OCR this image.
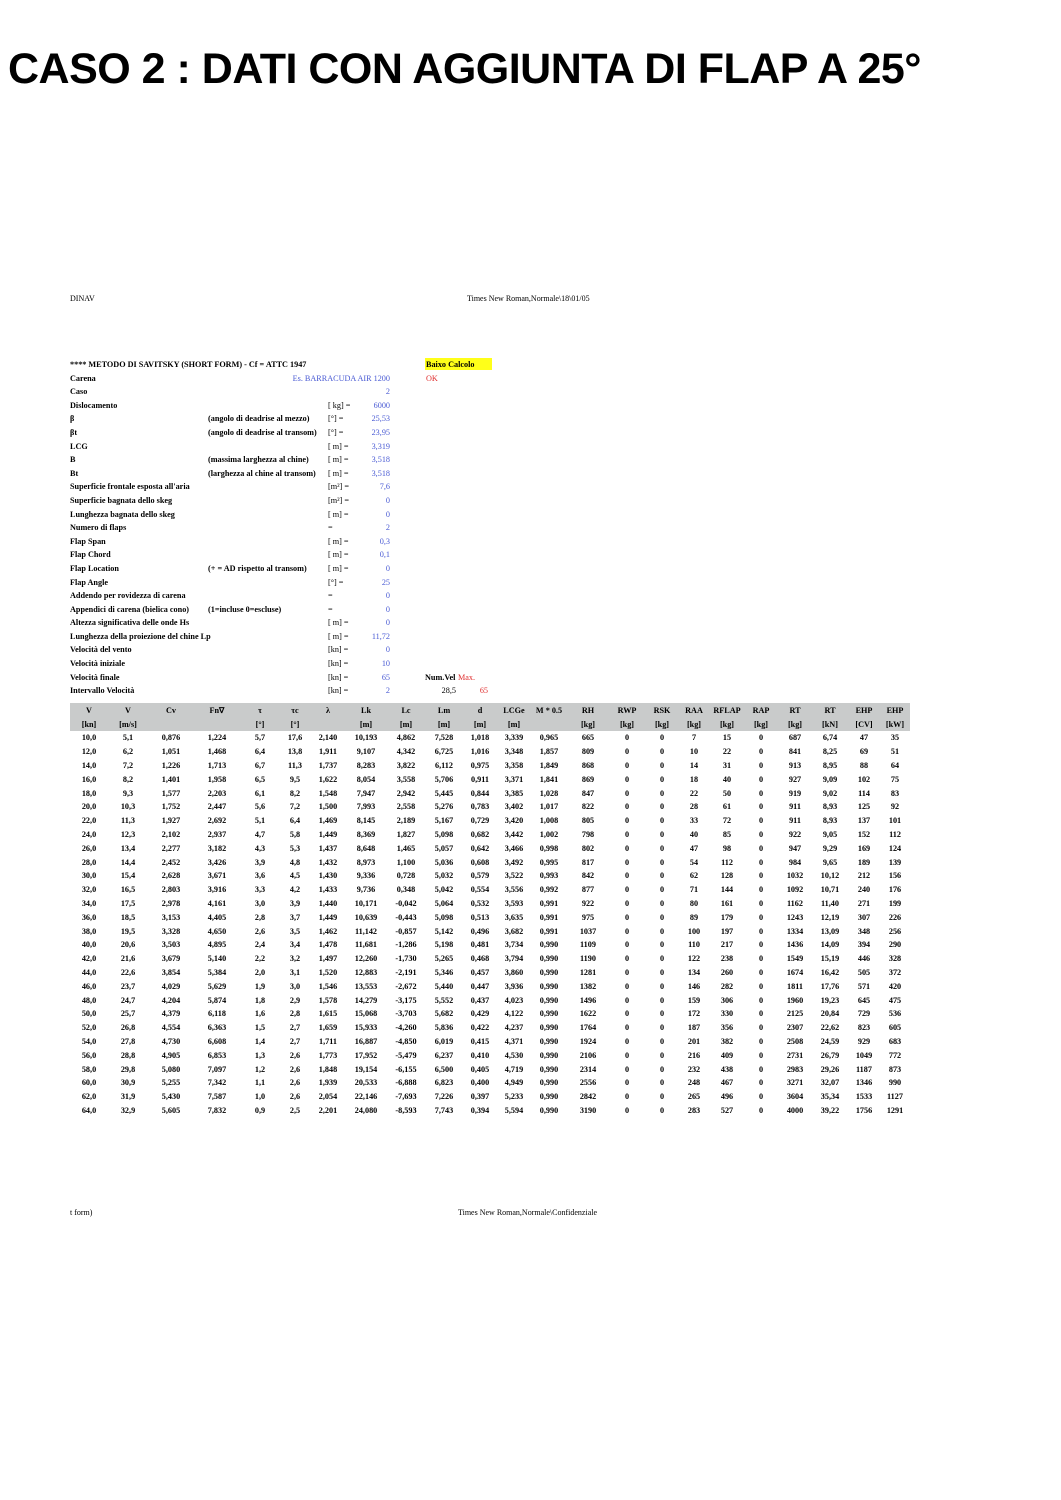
CASO 2 : DATI CON AGGIUNTA DI FLAP A 25°
DINAV	Times New Roman,Normale\18\01/05
**** METODO DI SAVITSKY (SHORT FORM) - Cf = ATTC 1947	Baixo Calcolo
Carena	Es. BARRACUDA AIR 1200	OK
Caso	2
Dislocamento	[ kg] =	6000
β	(angolo di deadrise al mezzo) [°] =	25,53
βt	(angolo di deadrise al transom) [°] =	23,95
LCG	[ m] =	3,319
B	(massima larghezza al chine) [ m] =	3,518
Bt	(larghezza al chine al transom) [ m] =	3,518
Superficie frontale esposta all'aria	[m²] =	7,6
Superficie bagnata dello skeg	[m²] =	0
Lunghezza bagnata dello skeg	[ m] =	0
Numero di flaps	=	2
Flap Span	[ m] =	0,3
Flap Chord	[ m] =	0,1
Flap Location	(+ = AD rispetto al transom)	[ m] =	0
Flap Angle	[°] =	25
Addendo per rovidezza di carena	=	0
Appendici di carena (bielica cono) (1=incluse 0=escluse)	=	0
Altezza significativa delle onde Hs	[ m] =	0
Lunghezza della proiezione del chine Lp	[ m] =	11,72
Velocità del vento	[kn] =	0
Velocità iniziale	[kn] =	10
Velocità finale	[kn] =	65	Num.Vel Max.
Intervallo Velocità	[kn] =	2	28,5	65
V	V	Cv	Fn∇	τ	τc	λ	Lk	Lc	Lm	d	LCGe	M * 0.5	RH	RWP	RSK	RAA	RFLAP	RAP	RT	RT	EHP	EHP
[kn]	[m/s]			[°]	[°]		[m]	[m]	[m]	[m]	[m]		[kg]	[kg]	[kg]	[kg]	[kg]	[kg]	[kg]	[kN]	[CV]	[kW]
10,0	5,1	0,876	1,224	5,7	17,6	2,140	10,193	4,862	7,528	1,018	3,339	0,965	665	0	0	7	15	0	687	6,74	47	35
12,0	6,2	1,051	1,468	6,4	13,8	1,911	9,107	4,342	6,725	1,016	3,348	1,857	809	0	0	10	22	0	841	8,25	69	51
14,0	7,2	1,226	1,713	6,7	11,3	1,737	8,283	3,822	6,112	0,975	3,358	1,849	868	0	0	14	31	0	913	8,95	88	64
16,0	8,2	1,401	1,958	6,5	9,5	1,622	8,054	3,558	5,706	0,911	3,371	1,841	869	0	0	18	40	0	927	9,09	102	75
18,0	9,3	1,577	2,203	6,1	8,2	1,548	7,947	2,942	5,445	0,844	3,385	1,028	847	0	0	22	50	0	919	9,02	114	83
20,0	10,3	1,752	2,447	5,6	7,2	1,500	7,993	2,558	5,276	0,783	3,402	1,017	822	0	0	28	61	0	911	8,93	125	92
22,0	11,3	1,927	2,692	5,1	6,4	1,469	8,145	2,189	5,167	0,729	3,420	1,008	805	0	0	33	72	0	911	8,93	137	101
24,0	12,3	2,102	2,937	4,7	5,8	1,449	8,369	1,827	5,098	0,682	3,442	1,002	798	0	0	40	85	0	922	9,05	152	112
26,0	13,4	2,277	3,182	4,3	5,3	1,437	8,648	1,465	5,057	0,642	3,466	0,998	802	0	0	47	98	0	947	9,29	169	124
28,0	14,4	2,452	3,426	3,9	4,8	1,432	8,973	1,100	5,036	0,608	3,492	0,995	817	0	0	54	112	0	984	9,65	189	139
30,0	15,4	2,628	3,671	3,6	4,5	1,430	9,336	0,728	5,032	0,579	3,522	0,993	842	0	0	62	128	0	1032	10,12	212	156
32,0	16,5	2,803	3,916	3,3	4,2	1,433	9,736	0,348	5,042	0,554	3,556	0,992	877	0	0	71	144	0	1092	10,71	240	176
34,0	17,5	2,978	4,161	3,0	3,9	1,440	10,171	-0,042	5,064	0,532	3,593	0,991	922	0	0	80	161	0	1162	11,40	271	199
36,0	18,5	3,153	4,405	2,8	3,7	1,449	10,639	-0,443	5,098	0,513	3,635	0,991	975	0	0	89	179	0	1243	12,19	307	226
38,0	19,5	3,328	4,650	2,6	3,5	1,462	11,142	-0,857	5,142	0,496	3,682	0,991	1037	0	0	100	197	0	1334	13,09	348	256
40,0	20,6	3,503	4,895	2,4	3,4	1,478	11,681	-1,286	5,198	0,481	3,734	0,990	1109	0	0	110	217	0	1436	14,09	394	290
42,0	21,6	3,679	5,140	2,2	3,2	1,497	12,260	-1,730	5,265	0,468	3,794	0,990	1190	0	0	122	238	0	1549	15,19	446	328
44,0	22,6	3,854	5,384	2,0	3,1	1,520	12,883	-2,191	5,346	0,457	3,860	0,990	1281	0	0	134	260	0	1674	16,42	505	372
46,0	23,7	4,029	5,629	1,9	3,0	1,546	13,553	-2,672	5,440	0,447	3,936	0,990	1382	0	0	146	282	0	1811	17,76	571	420
48,0	24,7	4,204	5,874	1,8	2,9	1,578	14,279	-3,175	5,552	0,437	4,023	0,990	1496	0	0	159	306	0	1960	19,23	645	475
50,0	25,7	4,379	6,118	1,6	2,8	1,615	15,068	-3,703	5,682	0,429	4,122	0,990	1622	0	0	172	330	0	2125	20,84	729	536
52,0	26,8	4,554	6,363	1,5	2,7	1,659	15,933	-4,260	5,836	0,422	4,237	0,990	1764	0	0	187	356	0	2307	22,62	823	605
54,0	27,8	4,730	6,608	1,4	2,7	1,711	16,887	-4,850	6,019	0,415	4,371	0,990	1924	0	0	201	382	0	2508	24,59	929	683
56,0	28,8	4,905	6,853	1,3	2,6	1,773	17,952	-5,479	6,237	0,410	4,530	0,990	2106	0	0	216	409	0	2731	26,79	1049	772
58,0	29,8	5,080	7,097	1,2	2,6	1,848	19,154	-6,155	6,500	0,405	4,719	0,990	2314	0	0	232	438	0	2983	29,26	1187	873
60,0	30,9	5,255	7,342	1,1	2,6	1,939	20,533	-6,888	6,823	0,400	4,949	0,990	2556	0	0	248	467	0	3271	32,07	1346	990
62,0	31,9	5,430	7,587	1,0	2,6	2,054	22,146	-7,693	7,226	0,397	5,233	0,990	2842	0	0	265	496	0	3604	35,34	1533	1127
64,0	32,9	5,605	7,832	0,9	2,5	2,201	24,080	-8,593	7,743	0,394	5,594	0,990	3190	0	0	283	527	0	4000	39,22	1756	1291
t form)	Times New Roman,Normale\Confidenziale
